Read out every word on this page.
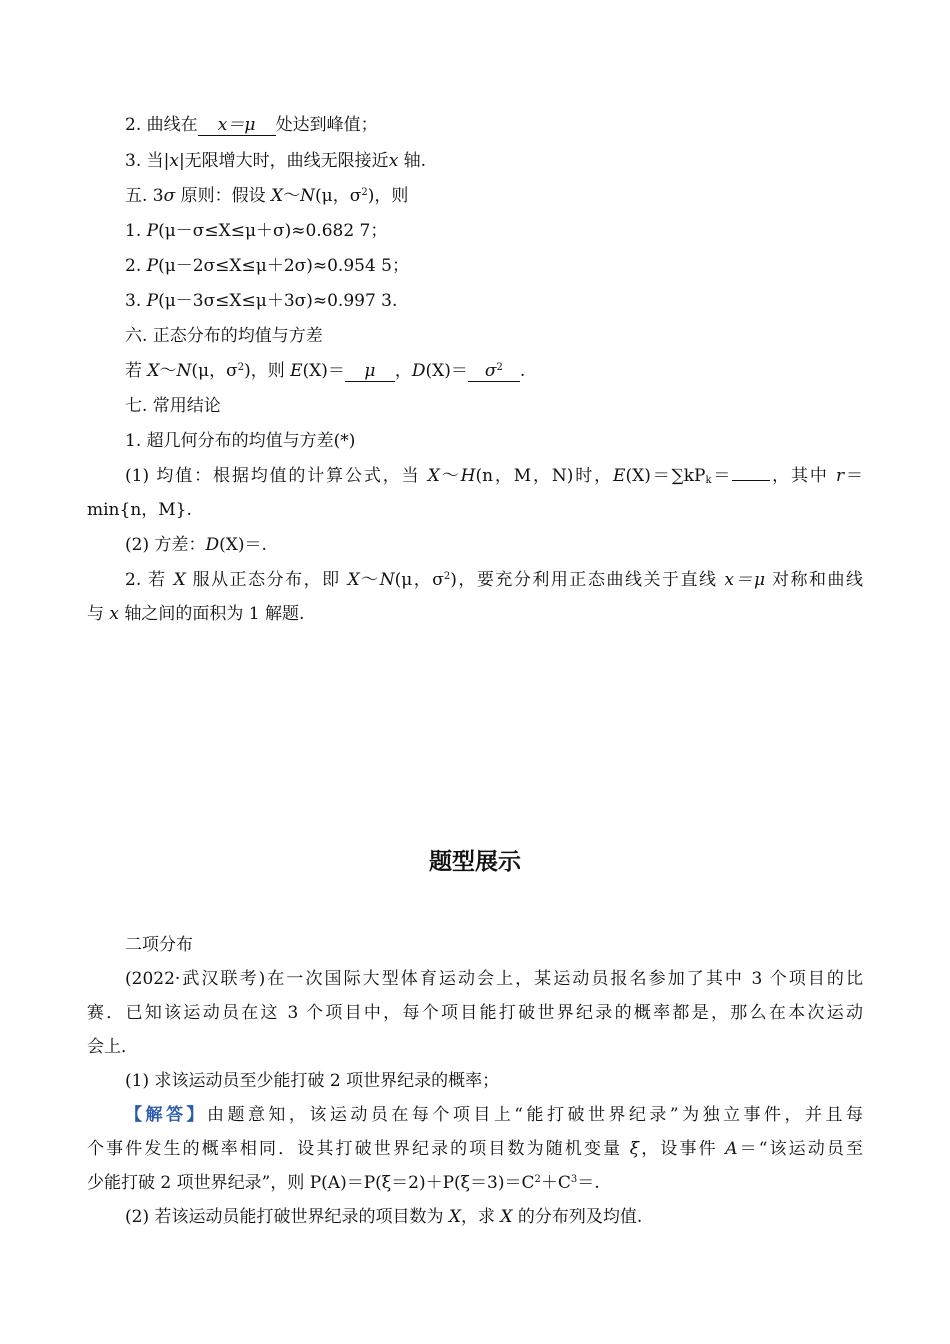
2. 曲线在 x＝μ 处达到峰值；
3. 当|x|无限增大时，曲线无限接近x 轴.
五. 3σ 原则：假设 X～N(μ，$\sigma^2$)，则
1. P(μ－σ≤X≤μ＋σ)≈0.682 7；
2. P(μ－2σ≤X≤μ＋2σ)≈0.954 5；
3. P(μ－3σ≤X≤μ＋3σ)≈0.997 3.
六. 正态分布的均值与方差
若 X～N(μ，$\sigma^2$)，则 E(X)＝ μ ，$D(X)= \sigma^2$ .
七. 常用结论
1. 超几何分布的均值与方差(*)
(1) 均值：根据均值的计算公式，当 X～H(n，M，N)时，$E(X)=\sum kP_k=$ ，其中 r＝
min{n，M}.
(2) 方差：D(X)＝.
2. 若 X 服从正态分布，即 X～N(μ，$\sigma^2$)，要充分利用正态曲线关于直线 x＝μ 对称和曲线
与 x 轴之间的面积为 1 解题.
题型展示
二项分布
(2022·武汉联考)在一次国际大型体育运动会上，某运动员报名参加了其中 3 个项目的比
赛．已知该运动员在这 3 个项目中，每个项目能打破世界纪录的概率都是，那么在本次运动
会上．
(1) 求该运动员至少能打破 2 项世界纪录的概率；
【解答】由题意知，该运动员在每个项目上“能打破世界纪录”为独立事件，并且每
个事件发生的概率相同．设其打破世界纪录的项目数为随机变量 ξ，设事件 A＝“该运动员至
少能打破 2 项世界纪录”，则 $P(A)=P(\xi=2)+P(\xi=3)=C^2+C^3=$.
(2) 若该运动员能打破世界纪录的项目数为 X，求 X 的分布列及均值.
